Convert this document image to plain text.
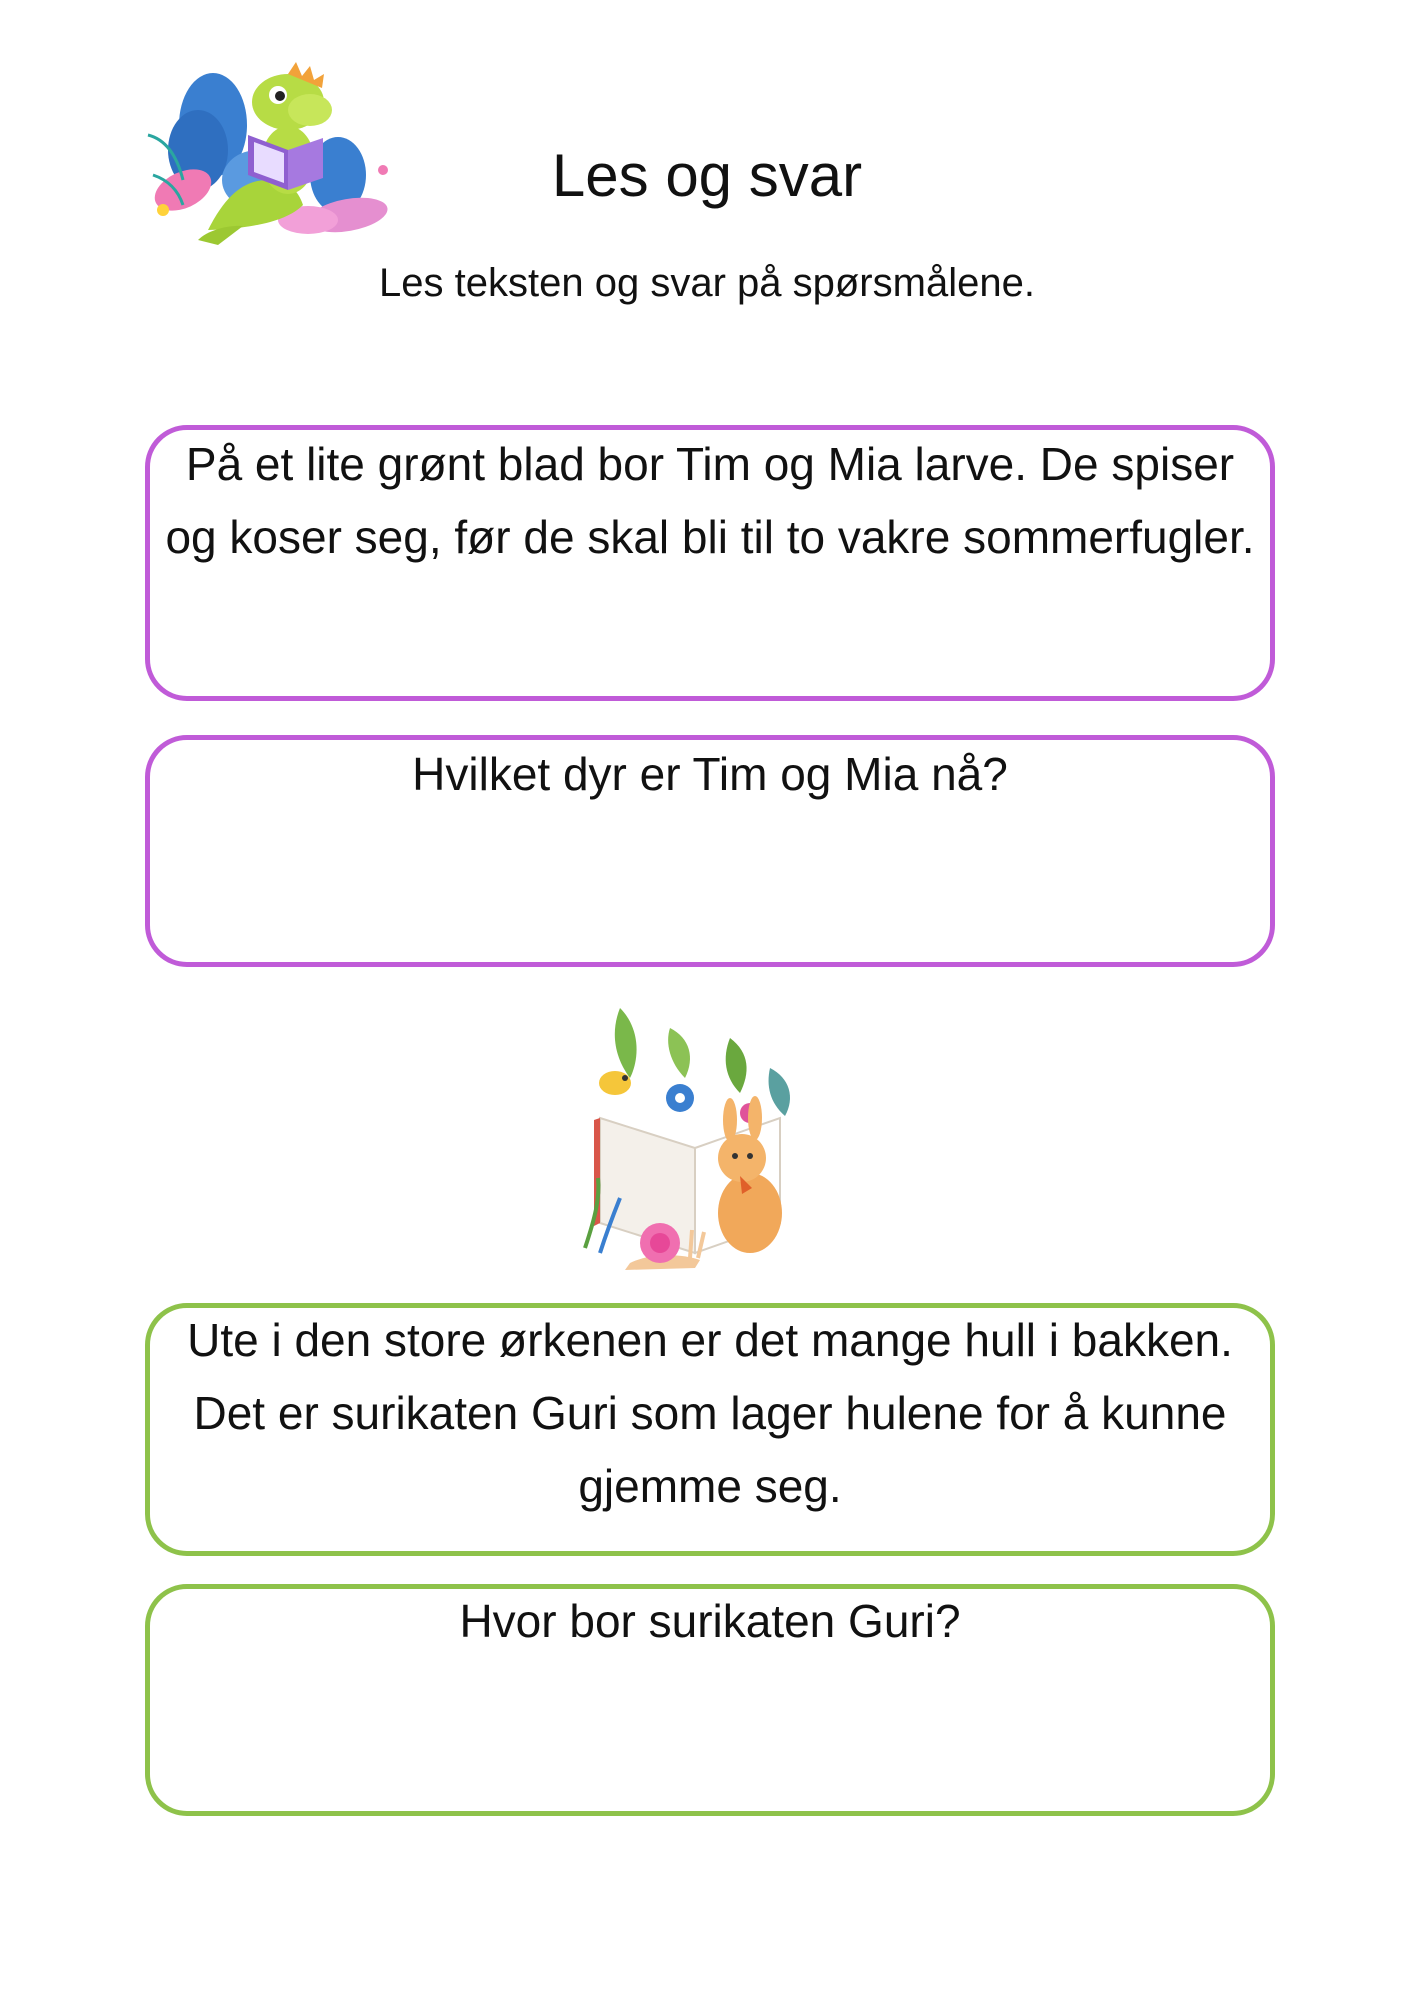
Les og svar

Les teksten og svar på spørsmålene.

På et lite grønt blad bor Tim og Mia larve. De spiser og koser seg, før de skal bli til to vakre sommerfugler.
Hvilket dyr er Tim og Mia nå?
Ute i den store ørkenen er det mange hull i bakken. Det er surikaten Guri som lager hulene for å kunne gjemme seg.
Hvor bor surikaten Guri?
